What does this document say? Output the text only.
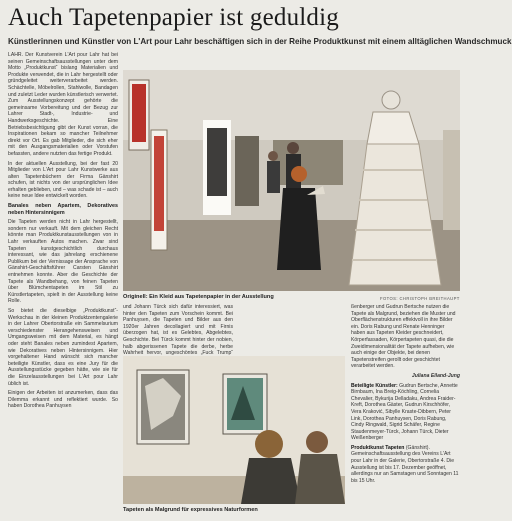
Auch Tapetenpapier ist geduldig
Künstlerinnen und Künstler von L'Art pour Lahr beschäftigen sich in der Reihe Produktkunst mit einem alltäglichen Wandschmuck

LAHR. Der Kunstverein L'Art pour Lahr hat bei seinen Gemeinschaftsausstellungen unter dem Motto „Produktkunst“ bislang Materialien und Produkte verwendet, die in Lahr hergestellt oder gründgeleitet weiterverarbeitet werden. Schächtelle, Möbelrollen, Stahlwolle, Bandagen und zuletzt Leder wurden künstlerisch verwertet. Zum Ausstellungskonzept gehörte die gemeinsame Vorbereitung und der Bezug zur Lahrer Stadt-, Industrie- und Handwerksgeschichte. Eine Betriebsbesichtigung gibt der Kunst vorran, die Inspirationen bekam so mancher Teilnehmer direkt vor Ort. Es gab Mitglieder, die sich eher mit den Ausgangsmaterialien oder Vorstufen befassten, andere nutzten das fertige Produkt.

In der aktuellen Ausstellung, bei der fast 20 Mitglieder von L'Art pour Lahr Kunstwerke aus alten Tapetenbüchern der Firma Gänshirt schufen, ist nichts von der ursprünglichen Idee erhalten geblieben, und – was schade ist – auch keine neue Idee entwickelt worden.

Banales neben Apartem, Dekoratives neben Hintersinnigem

Die Tapeten werden nicht in Lahr hergestellt, sondern nur verkauft. Mit dem gleichen Recht könnte man Produktkunstausstellungen von in Lahr verkauften Autos machen. Zwar sind Tapeten kunstgeschichtlich durchaus interessant, wie das jahrelang erschienene Publikum bei der Vernissage der Ansprache von Gänshirt-Geschäftsführer Carsten Gänshirt entnehmen konnte. Aber die Geschichte der Tapete als Wandbehang, von feinen Tapeten über Blümchentapeten im Stil zu Künstlertapeten, spielt in der Ausstellung keine Rolle.

So bietet die dieselbige „Produktkunst“-Werkschau in der kleinen Produktzentengalerie in der Lahrer Obertorstraße ein Sammelsurium verschiedenster Herangehensweisen und Umgangsweisen mit dem Material, es hängt oder steht Banales neben zumindest Apartem, wie Dekoratives neben Hintersinnigem. Hier vorgehaltener Hand wünscht sich mancher beteiligte Künstler, dass es eine Jury für die Ausstellungsstücke gegeben hätte, wie sie für die Einzelausstellungen bei L'Art pour Lahr üblich ist.

Einigen der Arbeiten ist anzumerken, dass das Dilemma erkannt und reflektiert wurde. So haben Dorothea Panhuysen

Originell: Ein Kleid aus Tapetenpapier in der Ausstellung	FOTOS: CHRISTOPH BREITHAUPT

und Johann Türck sich dafür interessiert, was hinter den Tapeten zum Vorschein kommt. Bei Panhuysen, die Tapeten und Bilder aus den 1920er Jahren decollagiert und mit Firnis überzogen hat, ist es Gelebtes, Abgelebtes, Geschichte. Bei Türck kommt hinter der nobien, halb abgerissenen Tapete die derbe, herbe Wahrheit hervor, ungeschöntes „Fuck Trump“

Tapeten als Malgrund für expressives Naturformen

ßenberger und Gudrun Bertsche nutzen die Tapete als Malgrund, beziehen die Muster und Oberflächenstrukturen effektvoll in ihre Bilder ein. Doris Rabung und Renate Henninger haben aus Tapeten Kleider geschneidert, Körperfassaden, Körpertapeten quasi, die die Zweidimensionalität der Tapete aufheben, wie auch einige der Objekte, bei denen Tapetenstreifen gerollt oder geschichtet verarbeitet werden.

Juliana Eiland-Jung

Beteiligte Künstler: Gudrun Bertsche, Annette Birnbaum, Ina Breig-Köchling, Cornelia Chevalier, Bykurija Delladaku, Andrea Fraider-Kreft, Dorothea Gäster, Gudrun Kirschhöfer, Vera Kraković, Sibylle Kraste-Dibbern, Peter Link, Dorothea Panhuysen, Doris Rabung, Cindy Ringwald, Sigrid Schäfer, Regine Staudenmeyer-Türck, Johann Türck, Dieter Weißenberger

Produktkunst Tapeten (Gänshirt). Gemeinschaftsausstellung des Vereins L'Art pour Lahr in der Galerie, Obertorstraße 4. Die Ausstellung ist bis 17. Dezember geöffnet, allerdings nur an Samstagen und Sonntagen 11 bis 15 Uhr.
